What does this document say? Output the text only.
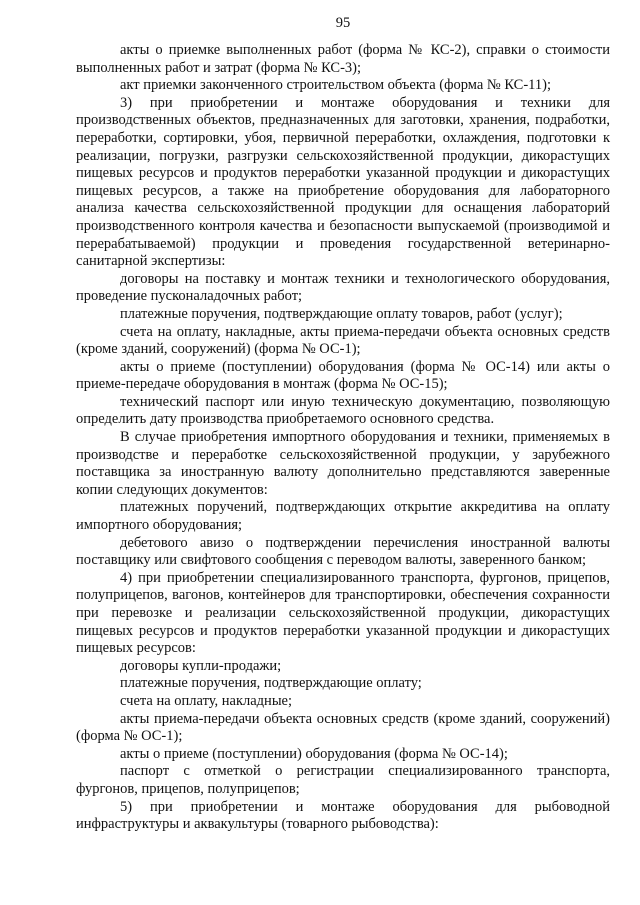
95

акты о приемке выполненных работ (форма № КС-2), справки о стоимости выполненных работ и затрат (форма № КС-3);

акт приемки законченного строительством объекта (форма № КС-11);

3) при приобретении и монтаже оборудования и техники для производственных объектов, предназначенных для заготовки, хранения, подработки, переработки, сортировки, убоя, первичной переработки, охлаждения, подготовки к реализации, погрузки, разгрузки сельскохозяйственной продукции, дикорастущих пищевых ресурсов и продуктов переработки указанной продукции и дикорастущих пищевых ресурсов, а также на приобретение оборудования для лабораторного анализа качества сельскохозяйственной продукции для оснащения лабораторий производственного контроля качества и безопасности выпускаемой (производимой и перерабатываемой) продукции и проведения государственной ветеринарно-санитарной экспертизы:

договоры на поставку и монтаж техники и технологического оборудования, проведение пусконаладочных работ;

платежные поручения, подтверждающие оплату товаров, работ (услуг);

счета на оплату, накладные, акты приема-передачи объекта основных средств (кроме зданий, сооружений) (форма № ОС-1);

акты о приеме (поступлении) оборудования (форма № ОС-14) или акты о приеме-передаче оборудования в монтаж (форма № ОС-15);

технический паспорт или иную техническую документацию, позволяющую определить дату производства приобретаемого основного средства.

В случае приобретения импортного оборудования и техники, применяемых в производстве и переработке сельскохозяйственной продукции, у зарубежного поставщика за иностранную валюту дополнительно представляются заверенные копии следующих документов:

платежных поручений, подтверждающих открытие аккредитива на оплату импортного оборудования;

дебетового авизо о подтверждении перечисления иностранной валюты поставщику или свифтового сообщения с переводом валюты, заверенного банком;

4) при приобретении специализированного транспорта, фургонов, прицепов, полуприцепов, вагонов, контейнеров для транспортировки, обеспечения сохранности при перевозке и реализации сельскохозяйственной продукции, дикорастущих пищевых ресурсов и продуктов переработки указанной продукции и дикорастущих пищевых ресурсов:

договоры купли-продажи;

платежные поручения, подтверждающие оплату;

счета на оплату, накладные;

акты приема-передачи объекта основных средств (кроме зданий, сооружений) (форма № ОС-1);

акты о приеме (поступлении) оборудования (форма № ОС-14);

паспорт с отметкой о регистрации специализированного транспорта, фургонов, прицепов, полуприцепов;

5) при приобретении и монтаже оборудования для рыбоводной инфраструктуры и аквакультуры (товарного рыбоводства):
